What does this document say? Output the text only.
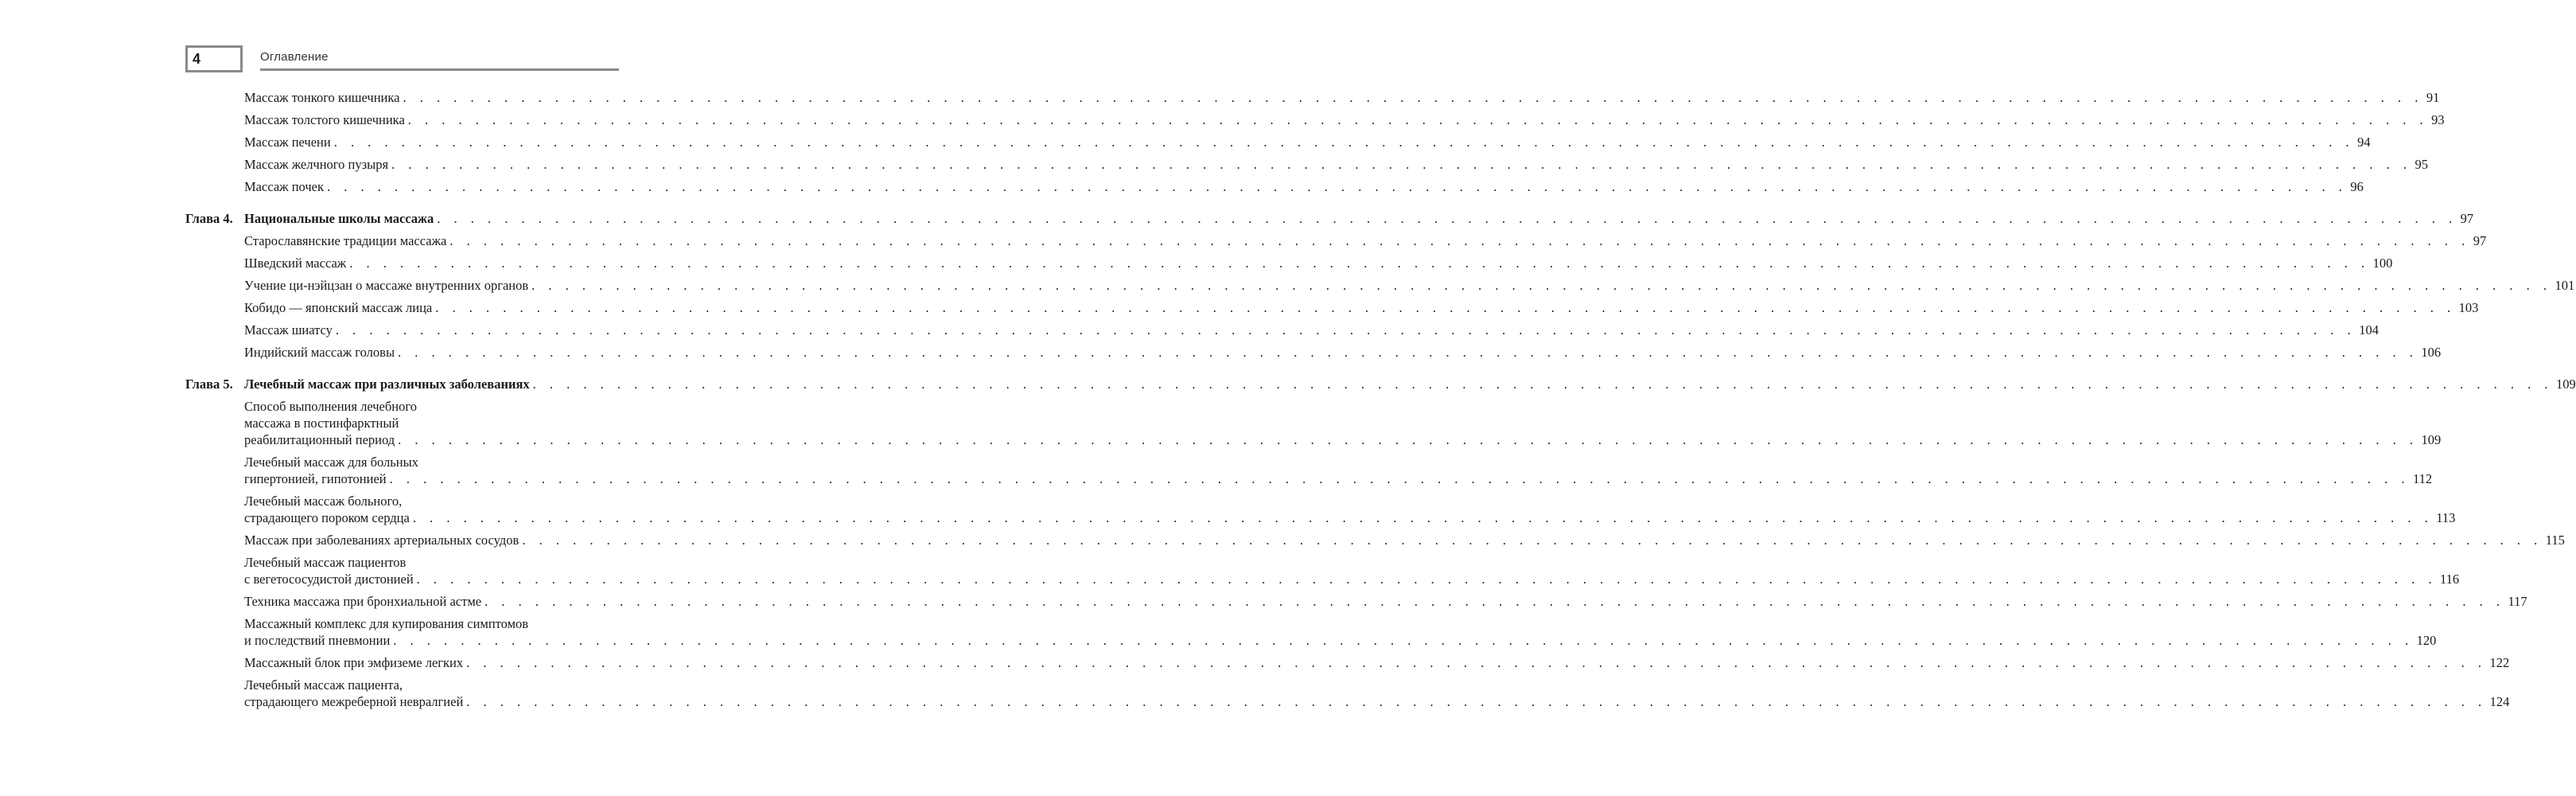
4	Оглавление
Массаж тонкого кишечника . . . . . . . . . . . . . . . . . . . . . . . . . . . . . . . . . . . . . . . . . . . . . . . . . . . . . . . . . . . . . . . . . . . . . . . . . . . . . . . . . . . . . . . . . . . . . . . . . . . . . . . . . . . . . . . . . . . . . . . . 91
Массаж толстого кишечника . . . . . . . . . . . . . . . . . . . . . . . . . . . . . . . . . . . . . . . . . . . . . . . . . . . . . . . . . . . . . . . . . . . . . . . . . . . . . . . . . . . . . . . . . . . . . . . . . . . . . . . . . . . . . . . . . . . . . . . . 93
Массаж печени . . . . . . . . . . . . . . . . . . . . . . . . . . . . . . . . . . . . . . . . . . . . . . . . . . . . . . . . . . . . . . . . . . . . . . . . . . . . . . . . . . . . . . . . . . . . . . . . . . . . . . . . . . . . . . . . . . . . . . . . 94
Массаж желчного пузыря . . . . . . . . . . . . . . . . . . . . . . . . . . . . . . . . . . . . . . . . . . . . . . . . . . . . . . . . . . . . . . . . . . . . . . . . . . . . . . . . . . . . . . . . . . . . . . . . . . . . . . . . . . . . . . . . . . . . . . . . 95
Массаж почек . . . . . . . . . . . . . . . . . . . . . . . . . . . . . . . . . . . . . . . . . . . . . . . . . . . . . . . . . . . . . . . . . . . . . . . . . . . . . . . . . . . . . . . . . . . . . . . . . . . . . . . . . . . . . . . . . . . . . . . . 96
Глава 4. Национальные школы массажа . . . . . . . . . . . . . . . . . . . . . . . . . . . . . . . . . . . . . . . . . . . . . . . . . . . . . . . . . . . . . . . . . . . . . . . . . . . . . . . . . . . . . . . . . . . . . . . . . . . . . . . . . . . . . . . . . . . . . . . . 97
Старославянские традиции массажа . . . . . . . . . . . . . . . . . . . . . . . . . . . . . . . . . . . . . . . . . . . . . . . . . . . . . . . . . . . . . . . . . . . . . . . . . . . . . . . . . . . . . . . . . . . . . . . . . . . . . . . . . . . . . . . . . . . . . . . . 97
Шведский массаж . . . . . . . . . . . . . . . . . . . . . . . . . . . . . . . . . . . . . . . . . . . . . . . . . . . . . . . . . . . . . . . . . . . . . . . . . . . . . . . . . . . . . . . . . . . . . . . . . . . . . . . . . . . . . . . . . . . . . . . . 100
Учение ци-нэйцзан о массаже внутренних органов . . . . . . . . . . . . . . . . . . . . . . . . . . . . . . . . . . . . . . . . . . . . . . . . . . . . . . . . . . . . . . . . . . . . . . . . . . . . . . . . . . . . . . . . . . . . . . . . . . . . . . . . . . . . . . . . . . . . . . . . 101
Кобидо — японский массаж лица . . . . . . . . . . . . . . . . . . . . . . . . . . . . . . . . . . . . . . . . . . . . . . . . . . . . . . . . . . . . . . . . . . . . . . . . . . . . . . . . . . . . . . . . . . . . . . . . . . . . . . . . . . . . . . . . . . . . . . . . 103
Массаж шиатсу . . . . . . . . . . . . . . . . . . . . . . . . . . . . . . . . . . . . . . . . . . . . . . . . . . . . . . . . . . . . . . . . . . . . . . . . . . . . . . . . . . . . . . . . . . . . . . . . . . . . . . . . . . . . . . . . . . . . . . . . 104
Индийский массаж головы . . . . . . . . . . . . . . . . . . . . . . . . . . . . . . . . . . . . . . . . . . . . . . . . . . . . . . . . . . . . . . . . . . . . . . . . . . . . . . . . . . . . . . . . . . . . . . . . . . . . . . . . . . . . . . . . . . . . . . . . 106
Глава 5. Лечебный массаж при различных заболеваниях . . . . . . . . . . . . . . . . . . . . . . . . . . . . . . . . . . . . . . . . . . . . . . . . . . . . . . . . . . . . . . . . . . . . . . . . . . . . . . . . . . . . . . . . . . . . . . . . . . . . . . . . . . . . . . . . . . . . . . . . 109
Способ выполнения лечебного
массажа в постинфарктный
реабилитационный период . . . . . . . . . . . . . . . . . . . . . . . . . . . . . . . . . . . . . . . . . . . . . . . . . . . . . . . . . . . . . . . . . . . . . . . . . . . . . . . . . . . . . . . . . . . . . . . . . . . . . . . . . . . . . . . . . . . . . . . . 109
Лечебный массаж для больных
гипертонией, гипотонией . . . . . . . . . . . . . . . . . . . . . . . . . . . . . . . . . . . . . . . . . . . . . . . . . . . . . . . . . . . . . . . . . . . . . . . . . . . . . . . . . . . . . . . . . . . . . . . . . . . . . . . . . . . . . . . . . . . . . . . . 112
Лечебный массаж больного,
страдающего пороком сердца . . . . . . . . . . . . . . . . . . . . . . . . . . . . . . . . . . . . . . . . . . . . . . . . . . . . . . . . . . . . . . . . . . . . . . . . . . . . . . . . . . . . . . . . . . . . . . . . . . . . . . . . . . . . . . . . . . . . . . . . 113
Массаж при заболеваниях артериальных сосудов . . . . . . . . . . . . . . . . . . . . . . . . . . . . . . . . . . . . . . . . . . . . . . . . . . . . . . . . . . . . . . . . . . . . . . . . . . . . . . . . . . . . . . . . . . . . . . . . . . . . . . . . . . . . . . . . . . . . . . . . 115
Лечебный массаж пациентов
с вегетососудистой дистонией . . . . . . . . . . . . . . . . . . . . . . . . . . . . . . . . . . . . . . . . . . . . . . . . . . . . . . . . . . . . . . . . . . . . . . . . . . . . . . . . . . . . . . . . . . . . . . . . . . . . . . . . . . . . . . . . . . . . . . . . 116
Техника массажа при бронхиальной астме . . . . . . . . . . . . . . . . . . . . . . . . . . . . . . . . . . . . . . . . . . . . . . . . . . . . . . . . . . . . . . . . . . . . . . . . . . . . . . . . . . . . . . . . . . . . . . . . . . . . . . . . . . . . . . . . . . . . . . . . 117
Массажный комплекс для купирования симптомов
и последствий пневмонии . . . . . . . . . . . . . . . . . . . . . . . . . . . . . . . . . . . . . . . . . . . . . . . . . . . . . . . . . . . . . . . . . . . . . . . . . . . . . . . . . . . . . . . . . . . . . . . . . . . . . . . . . . . . . . . . . . . . . . . . 120
Массажный блок при эмфиземе легких . . . . . . . . . . . . . . . . . . . . . . . . . . . . . . . . . . . . . . . . . . . . . . . . . . . . . . . . . . . . . . . . . . . . . . . . . . . . . . . . . . . . . . . . . . . . . . . . . . . . . . . . . . . . . . . . . . . . . . . . 122
Лечебный массаж пациента,
страдающего межреберной невралгией . . . . . . . . . . . . . . . . . . . . . . . . . . . . . . . . . . . . . . . . . . . . . . . . . . . . . . . . . . . . . . . . . . . . . . . . . . . . . . . . . . . . . . . . . . . . . . . . . . . . . . . . . . . . . . . . . . . . . . . . 124
